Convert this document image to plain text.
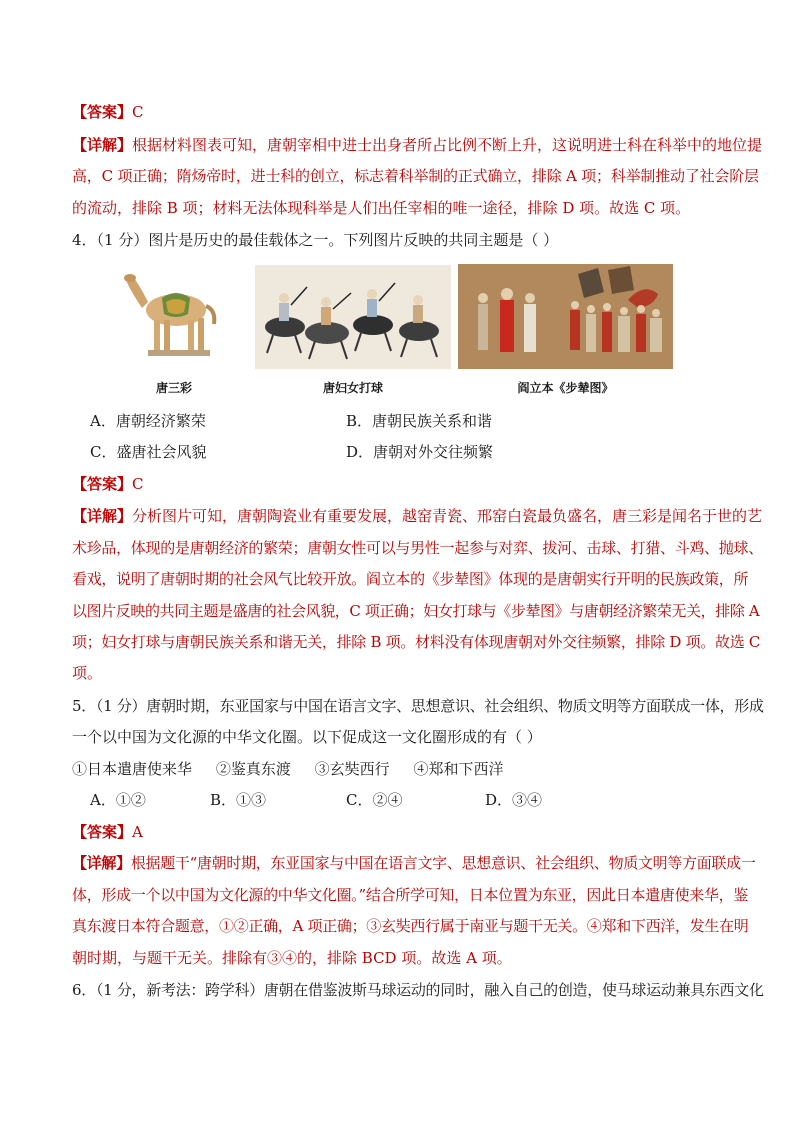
【答案】C
【详解】根据材料图表可知，唐朝宰相中进士出身者所占比例不断上升，这说明进士科在科举中的地位提
高，C 项正确；隋炀帝时，进士科的创立，标志着科举制的正式确立，排除 A 项；科举制推动了社会阶层
的流动，排除 B 项；材料无法体现科举是人们出任宰相的唯一途径，排除 D 项。故选 C 项。
4．（1 分）图片是历史的最佳载体之一。下列图片反映的共同主题是（ ）
唐三彩	唐妇女打球	阎立本《步辇图》
A．唐朝经济繁荣	B．唐朝民族关系和谐
C．盛唐社会风貌	D．唐朝对外交往频繁
【答案】C
【详解】分析图片可知，唐朝陶瓷业有重要发展，越窑青瓷、邢窑白瓷最负盛名，唐三彩是闻名于世的艺
术珍品，体现的是唐朝经济的繁荣；唐朝女性可以与男性一起参与对弈、拔河、击球、打猎、斗鸡、抛球、
看戏，说明了唐朝时期的社会风气比较开放。阎立本的《步辇图》体现的是唐朝实行开明的民族政策，所
以图片反映的共同主题是盛唐的社会风貌，C 项正确；妇女打球与《步辇图》与唐朝经济繁荣无关，排除 A
项；妇女打球与唐朝民族关系和谐无关，排除 B 项。材料没有体现唐朝对外交往频繁，排除 D 项。故选 C
项。
5．（1 分）唐朝时期，东亚国家与中国在语言文字、思想意识、社会组织、物质文明等方面联成一体，形成
一个以中国为文化源的中华文化圈。以下促成这一文化圈形成的有（ ）
①日本遣唐使来华     ②鉴真东渡     ③玄奘西行     ④郑和下西洋
A．①②	B．①③	C．②④	D．③④
【答案】A
【详解】根据题干“唐朝时期，东亚国家与中国在语言文字、思想意识、社会组织、物质文明等方面联成一
体，形成一个以中国为文化源的中华文化圈。”结合所学可知，日本位置为东亚，因此日本遣唐使来华，鉴
真东渡日本符合题意，①②正确，A 项正确；③玄奘西行属于南亚与题干无关。④郑和下西洋，发生在明
朝时期，与题干无关。排除有③④的，排除 BCD 项。故选 A 项。
6．（1 分，新考法：跨学科）唐朝在借鉴波斯马球运动的同时，融入自己的创造，使马球运动兼具东西文化
